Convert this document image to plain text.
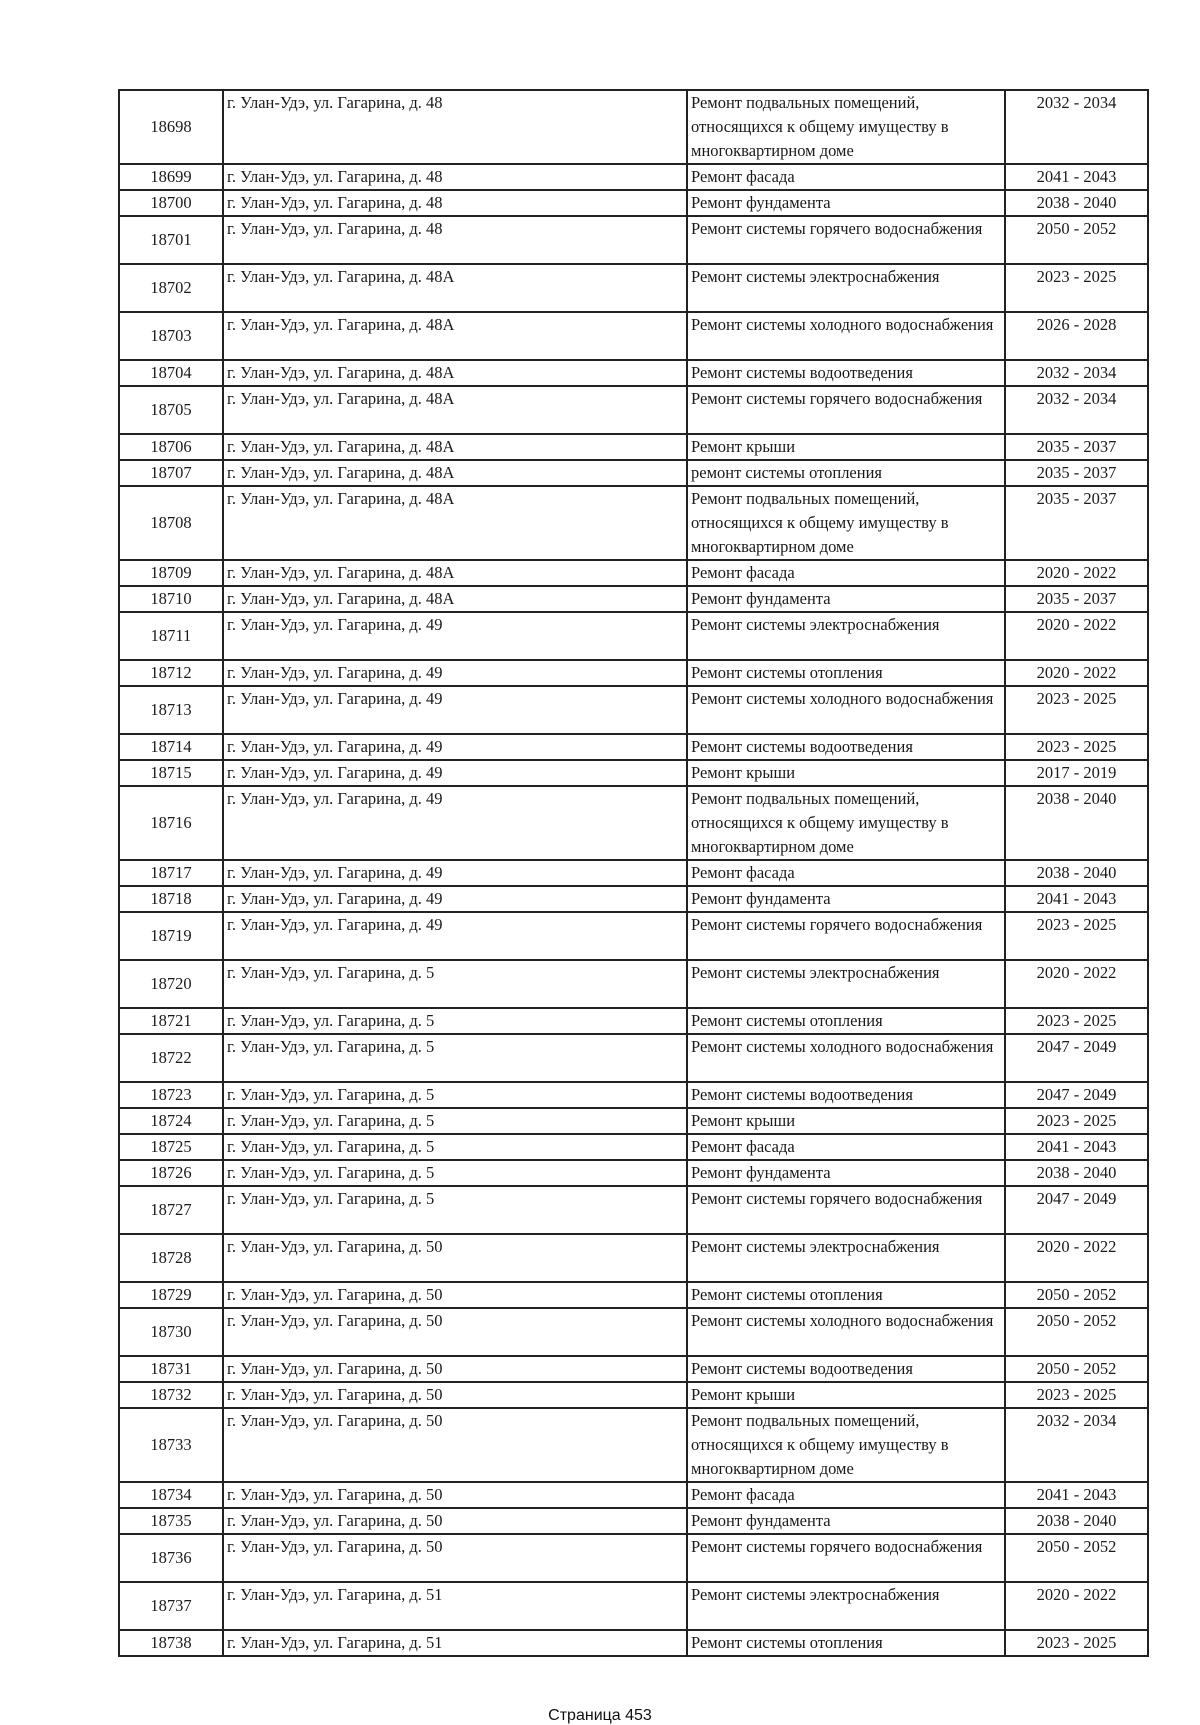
18698	г. Улан-Удэ, ул. Гагарина, д. 48	Ремонт подвальных помещений, относящихся к общему имуществу в многоквартирном доме	2032 - 2034
18699	г. Улан-Удэ, ул. Гагарина, д. 48	Ремонт фасада	2041 - 2043
18700	г. Улан-Удэ, ул. Гагарина, д. 48	Ремонт фундамента	2038 - 2040
18701	г. Улан-Удэ, ул. Гагарина, д. 48	Ремонт системы горячего водоснабжения	2050 - 2052
18702	г. Улан-Удэ, ул. Гагарина, д. 48А	Ремонт системы электроснабжения	2023 - 2025
18703	г. Улан-Удэ, ул. Гагарина, д. 48А	Ремонт системы холодного водоснабжения	2026 - 2028
18704	г. Улан-Удэ, ул. Гагарина, д. 48А	Ремонт системы водоотведения	2032 - 2034
18705	г. Улан-Удэ, ул. Гагарина, д. 48А	Ремонт системы горячего водоснабжения	2032 - 2034
18706	г. Улан-Удэ, ул. Гагарина, д. 48А	Ремонт крыши	2035 - 2037
18707	г. Улан-Удэ, ул. Гагарина, д. 48А	ремонт системы отопления	2035 - 2037
18708	г. Улан-Удэ, ул. Гагарина, д. 48А	Ремонт подвальных помещений, относящихся к общему имуществу в многоквартирном доме	2035 - 2037
18709	г. Улан-Удэ, ул. Гагарина, д. 48А	Ремонт фасада	2020 - 2022
18710	г. Улан-Удэ, ул. Гагарина, д. 48А	Ремонт фундамента	2035 - 2037
18711	г. Улан-Удэ, ул. Гагарина, д. 49	Ремонт системы электроснабжения	2020 - 2022
18712	г. Улан-Удэ, ул. Гагарина, д. 49	Ремонт системы отопления	2020 - 2022
18713	г. Улан-Удэ, ул. Гагарина, д. 49	Ремонт системы холодного водоснабжения	2023 - 2025
18714	г. Улан-Удэ, ул. Гагарина, д. 49	Ремонт системы водоотведения	2023 - 2025
18715	г. Улан-Удэ, ул. Гагарина, д. 49	Ремонт крыши	2017 - 2019
18716	г. Улан-Удэ, ул. Гагарина, д. 49	Ремонт подвальных помещений, относящихся к общему имуществу в многоквартирном доме	2038 - 2040
18717	г. Улан-Удэ, ул. Гагарина, д. 49	Ремонт фасада	2038 - 2040
18718	г. Улан-Удэ, ул. Гагарина, д. 49	Ремонт фундамента	2041 - 2043
18719	г. Улан-Удэ, ул. Гагарина, д. 49	Ремонт системы горячего водоснабжения	2023 - 2025
18720	г. Улан-Удэ, ул. Гагарина, д. 5	Ремонт системы электроснабжения	2020 - 2022
18721	г. Улан-Удэ, ул. Гагарина, д. 5	Ремонт системы отопления	2023 - 2025
18722	г. Улан-Удэ, ул. Гагарина, д. 5	Ремонт системы холодного водоснабжения	2047 - 2049
18723	г. Улан-Удэ, ул. Гагарина, д. 5	Ремонт системы водоотведения	2047 - 2049
18724	г. Улан-Удэ, ул. Гагарина, д. 5	Ремонт крыши	2023 - 2025
18725	г. Улан-Удэ, ул. Гагарина, д. 5	Ремонт фасада	2041 - 2043
18726	г. Улан-Удэ, ул. Гагарина, д. 5	Ремонт фундамента	2038 - 2040
18727	г. Улан-Удэ, ул. Гагарина, д. 5	Ремонт системы горячего водоснабжения	2047 - 2049
18728	г. Улан-Удэ, ул. Гагарина, д. 50	Ремонт системы электроснабжения	2020 - 2022
18729	г. Улан-Удэ, ул. Гагарина, д. 50	Ремонт системы отопления	2050 - 2052
18730	г. Улан-Удэ, ул. Гагарина, д. 50	Ремонт системы холодного водоснабжения	2050 - 2052
18731	г. Улан-Удэ, ул. Гагарина, д. 50	Ремонт системы водоотведения	2050 - 2052
18732	г. Улан-Удэ, ул. Гагарина, д. 50	Ремонт крыши	2023 - 2025
18733	г. Улан-Удэ, ул. Гагарина, д. 50	Ремонт подвальных помещений, относящихся к общему имуществу в многоквартирном доме	2032 - 2034
18734	г. Улан-Удэ, ул. Гагарина, д. 50	Ремонт фасада	2041 - 2043
18735	г. Улан-Удэ, ул. Гагарина, д. 50	Ремонт фундамента	2038 - 2040
18736	г. Улан-Удэ, ул. Гагарина, д. 50	Ремонт системы горячего водоснабжения	2050 - 2052
18737	г. Улан-Удэ, ул. Гагарина, д. 51	Ремонт системы электроснабжения	2020 - 2022
18738	г. Улан-Удэ, ул. Гагарина, д. 51	Ремонт системы отопления	2023 - 2025
Страница 453
